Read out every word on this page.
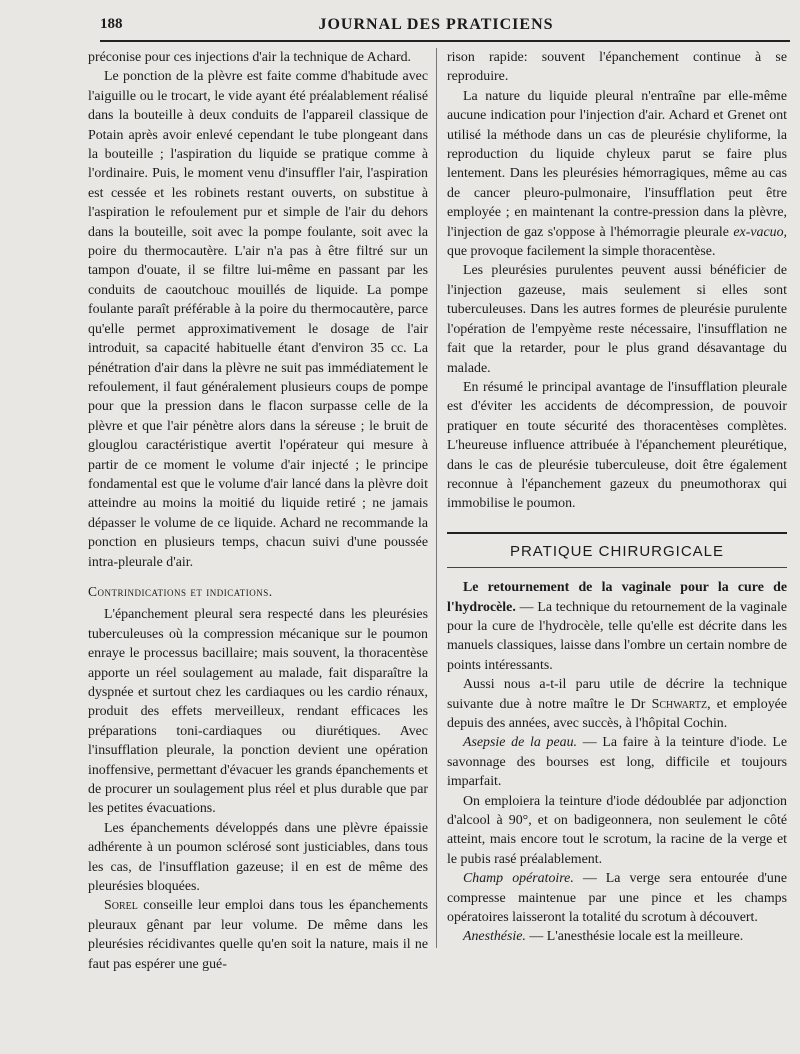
188	JOURNAL DES PRATICIENS

préconise pour ces injections d'air la technique de Achard.

Le ponction de la plèvre est faite comme d'habitude avec l'aiguille ou le trocart, le vide ayant été préalablement réalisé dans la bouteille à deux conduits de l'appareil classique de Potain après avoir enlevé cependant le tube plongeant dans la bouteille ; l'aspiration du liquide se pratique comme à l'ordinaire. Puis, le moment venu d'insuffler l'air, l'aspiration est cessée et les robinets restant ouverts, on substitue à l'aspiration le refoulement pur et simple de l'air du dehors dans la bouteille, soit avec la pompe foulante, soit avec la poire du thermocautère. L'air n'a pas à être filtré sur un tampon d'ouate, il se filtre lui-même en passant par les conduits de caoutchouc mouillés de liquide. La pompe foulante paraît préférable à la poire du thermocautère, parce qu'elle permet approximativement le dosage de l'air introduit, sa capacité habituelle étant d'environ 35 cc. La pénétration d'air dans la plèvre ne suit pas immédiatement le refoulement, il faut généralement plusieurs coups de pompe pour que la pression dans le flacon surpasse celle de la plèvre et que l'air pénètre alors dans la séreuse ; le bruit de glouglou caractéristique avertit l'opérateur qui mesure à partir de ce moment le volume d'air injecté ; le principe fondamental est que le volume d'air lancé dans la plèvre doit atteindre au moins la moitié du liquide retiré ; ne jamais dépasser le volume de ce liquide. Achard ne recommande la ponction en plusieurs temps, chacun suivi d'une poussée intra-pleurale d'air.

Contrindications et indications.

L'épanchement pleural sera respecté dans les pleurésies tuberculeuses où la compression mécanique sur le poumon enraye le processus bacillaire; mais souvent, la thoracentèse apporte un réel soulagement au malade, fait disparaître la dyspnée et surtout chez les cardiaques ou les cardio rénaux, produit des effets merveilleux, rendant efficaces les préparations toni-cardiaques ou diurétiques. Avec l'insufflation pleurale, la ponction devient une opération inoffensive, permettant d'évacuer les grands épanchements et de procurer un soulagement plus réel et plus durable que par les petites évacuations.

Les épanchements développés dans une plèvre épaissie adhérente à un poumon sclérosé sont justiciables, dans tous les cas, de l'insufflation gazeuse; il en est de même des pleurésies bloquées.

Sorel conseille leur emploi dans tous les épanchements pleuraux gênant par leur volume. De même dans les pleurésies récidivantes quelle qu'en soit la nature, mais il ne faut pas espérer une gué-

rison rapide: souvent l'épanchement continue à se reproduire.

La nature du liquide pleural n'entraîne par elle-même aucune indication pour l'injection d'air. Achard et Grenet ont utilisé la méthode dans un cas de pleurésie chyliforme, la reproduction du liquide chyleux parut se faire plus lentement. Dans les pleurésies hémorragiques, même au cas de cancer pleuro-pulmonaire, l'insufflation peut être employée ; en maintenant la contre-pression dans la plèvre, l'injection de gaz s'oppose à l'hémorragie pleurale ex-vacuo, que provoque facilement la simple thoracentèse.

Les pleurésies purulentes peuvent aussi bénéficier de l'injection gazeuse, mais seulement si elles sont tuberculeuses. Dans les autres formes de pleurésie purulente l'opération de l'empyème reste nécessaire, l'insufflation ne fait que la retarder, pour le plus grand désavantage du malade.

En résumé le principal avantage de l'insufflation pleurale est d'éviter les accidents de décompression, de pouvoir pratiquer en toute sécurité des thoracentèses complètes. L'heureuse influence attribuée à l'épanchement pleurétique, dans le cas de pleurésie tuberculeuse, doit être également reconnue à l'épanchement gazeux du pneumothorax qui immobilise le poumon.

PRATIQUE CHIRURGICALE

Le retournement de la vaginale pour la cure de l'hydrocèle. — La technique du retournement de la vaginale pour la cure de l'hydrocèle, telle qu'elle est décrite dans les manuels classiques, laisse dans l'ombre un certain nombre de points intéressants.

Aussi nous a-t-il paru utile de décrire la technique suivante due à notre maître le Dr Schwartz, et employée depuis des années, avec succès, à l'hôpital Cochin.

Asepsie de la peau. — La faire à la teinture d'iode. Le savonnage des bourses est long, difficile et toujours imparfait.

On emploiera la teinture d'iode dédoublée par adjonction d'alcool à 90°, et on badigeonnera, non seulement le côté atteint, mais encore tout le scrotum, la racine de la verge et le pubis rasé préalablement.

Champ opératoire. — La verge sera entourée d'une compresse maintenue par une pince et les champs opératoires laisseront la totalité du scrotum à découvert.

Anesthésie. — L'anesthésie locale est la meilleure.
